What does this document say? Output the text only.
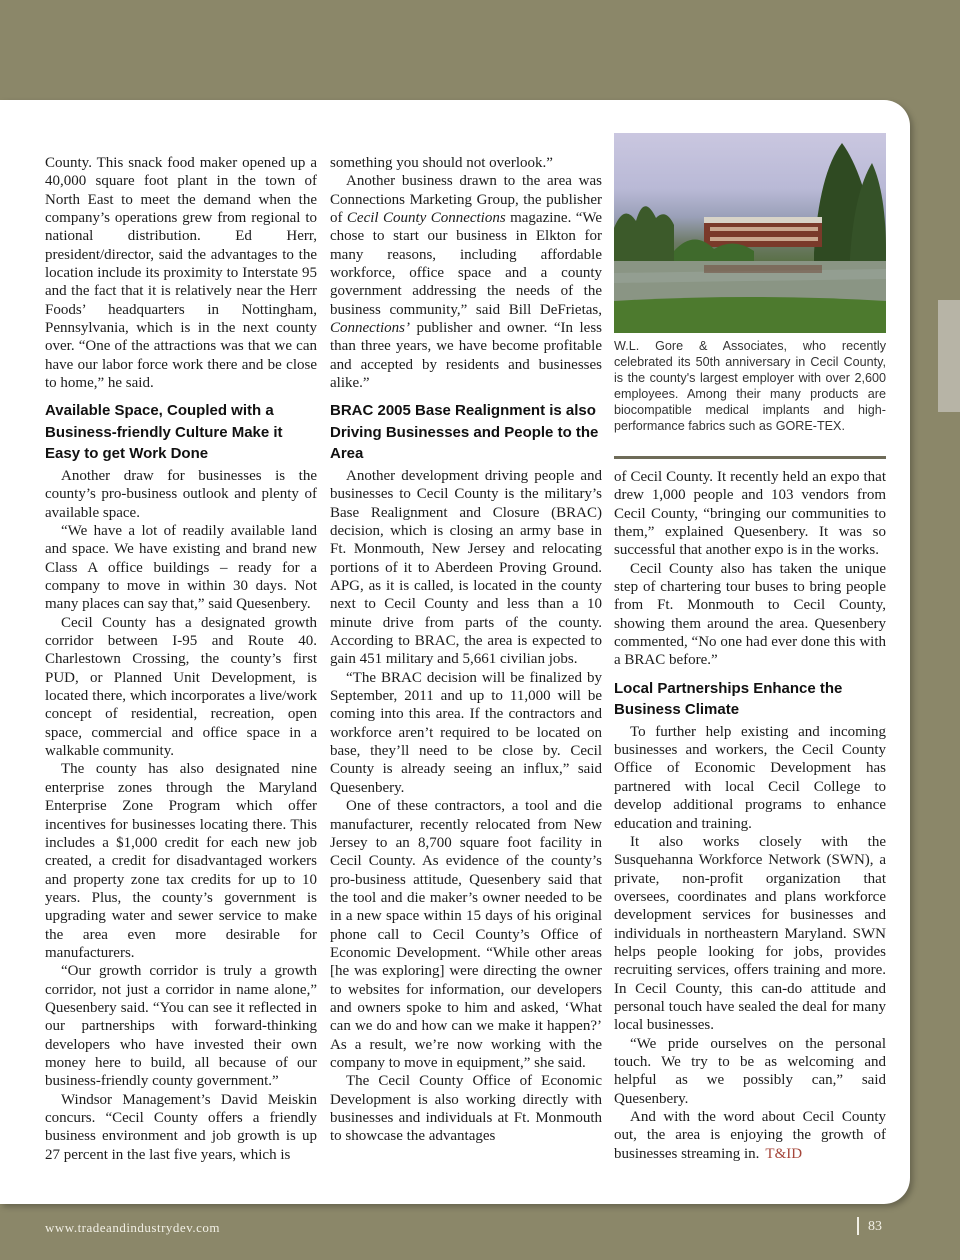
County. This snack food maker opened up a 40,000 square foot plant in the town of North East to meet the demand when the company’s operations grew from regional to national distribution. Ed Herr, president/director, said the advantages to the location include its proximity to Interstate 95 and the fact that it is relatively near the Herr Foods’ headquarters in Nottingham, Pennsylvania, which is in the next county over. “One of the attractions was that we can have our labor force work there and be close to home,” he said.

Available Space, Coupled with a Business-friendly Culture Make it Easy to get Work Done

Another draw for businesses is the county’s pro-business outlook and plenty of available space.

“We have a lot of readily available land and space. We have existing and brand new Class A office buildings – ready for a company to move in within 30 days. Not many places can say that,” said Quesenbery.

Cecil County has a designated growth corridor between I-95 and Route 40. Charlestown Crossing, the county’s first PUD, or Planned Unit Development, is located there, which incorporates a live/work concept of residential, recreation, open space, commercial and office space in a walkable community.

The county has also designated nine enterprise zones through the Maryland Enterprise Zone Program which offer incentives for businesses locating there. This includes a $1,000 credit for each new job created, a credit for disadvantaged workers and property zone tax credits for up to 10 years. Plus, the county’s government is upgrading water and sewer service to make the area even more desirable for manufacturers.

“Our growth corridor is truly a growth corridor, not just a corridor in name alone,” Quesenbery said. “You can see it reflected in our partnerships with forward-thinking developers who have invested their own money here to build, all because of our business-friendly county government.”

Windsor Management’s David Meiskin concurs. “Cecil County offers a friendly business environment and job growth is up 27 percent in the last five years, which is

something you should not overlook.”

Another business drawn to the area was Connections Marketing Group, the publisher of Cecil County Connections magazine. “We chose to start our business in Elkton for many reasons, including affordable workforce, office space and a county government addressing the needs of the business community,” said Bill DeFrietas, Connections’ publisher and owner. “In less than three years, we have become profitable and accepted by residents and businesses alike.”

BRAC 2005 Base Realignment is also Driving Businesses and People to the Area

Another development driving people and businesses to Cecil County is the military’s Base Realignment and Closure (BRAC) decision, which is closing an army base in Ft. Monmouth, New Jersey and relocating portions of it to Aberdeen Proving Ground. APG, as it is called, is located in the county next to Cecil County and less than a 10 minute drive from parts of the county. According to BRAC, the area is expected to gain 451 military and 5,661 civilian jobs.

“The BRAC decision will be finalized by September, 2011 and up to 11,000 will be coming into this area. If the contractors and workforce aren’t required to be located on base, they’ll need to be close by. Cecil County is already seeing an influx,” said Quesenbery.

One of these contractors, a tool and die manufacturer, recently relocated from New Jersey to an 8,700 square foot facility in Cecil County. As evidence of the county’s pro-business attitude, Quesenbery said that the tool and die maker’s owner needed to be in a new space within 15 days of his original phone call to Cecil County’s Office of Economic Development. “While other areas [he was exploring] were directing the owner to websites for information, our developers and owners spoke to him and asked, ‘What can we do and how can we make it happen?’ As a result, we’re now working with the company to move in equipment,” she said.

The Cecil County Office of Economic Development is also working directly with businesses and individuals at Ft. Monmouth to showcase the advantages

W.L. Gore & Associates, who recently celebrated its 50th anniversary in Cecil County, is the county's largest employer with over 2,600 employees. Among their many products are biocompatible medical implants and high-performance fabrics such as GORE-TEX.

of Cecil County. It recently held an expo that drew 1,000 people and 103 vendors from Cecil County, “bringing our communities to them,” explained Quesenbery. It was so successful that another expo is in the works.

Cecil County also has taken the unique step of chartering tour buses to bring people from Ft. Monmouth to Cecil County, showing them around the area. Quesenbery commented, “No one had ever done this with a BRAC before.”

Local Partnerships Enhance the Business Climate

To further help existing and incoming businesses and workers, the Cecil County Office of Economic Development has partnered with local Cecil College to develop additional programs to enhance education and training.

It also works closely with the Susquehanna Workforce Network (SWN), a private, non-profit organization that oversees, coordinates and plans workforce development services for businesses and individuals in northeastern Maryland. SWN helps people looking for jobs, provides recruiting services, offers training and more. In Cecil County, this can-do attitude and personal touch have sealed the deal for many local businesses.

“We pride ourselves on the personal touch. We try to be as welcoming and helpful as we possibly can,” said Quesenbery.

And with the word about Cecil County out, the area is enjoying the growth of businesses streaming in. T&ID

www.tradeandindustrydev.com	83
